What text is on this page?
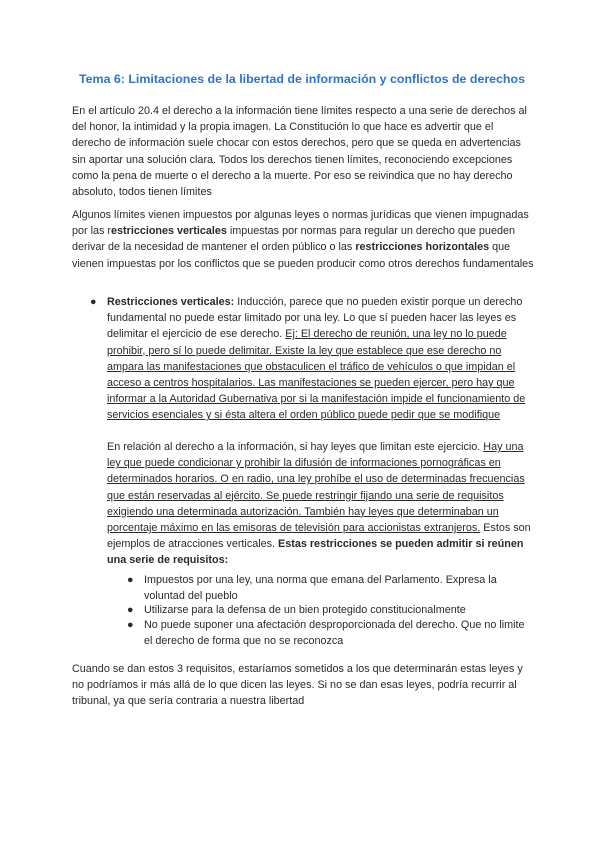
Tema 6: Limitaciones de la libertad de información y conflictos de derechos

En el artículo 20.4 el derecho a la información tiene límites respecto a una serie de derechos al del honor, la intimidad y la propia imagen. La Constitución lo que hace es advertir que el derecho de información suele chocar con estos derechos, pero que se queda en advertencias sin aportar una solución clara. Todos los derechos tienen límites, reconociendo excepciones como la pena de muerte o el derecho a la muerte. Por eso se reivindica que no hay derecho absoluto, todos tienen límites

Algunos límites vienen impuestos por algunas leyes o normas jurídicas que vienen impugnadas por las restricciones verticales impuestas por normas para regular un derecho que pueden derivar de la necesidad de mantener el orden público o las restricciones horizontales que vienen impuestas por los conflictos que se pueden producir como otros derechos fundamentales

● Restricciones verticales: Inducción, parece que no pueden existir porque un derecho fundamental no puede estar limitado por una ley. Lo que sí pueden hacer las leyes es delimitar el ejercicio de ese derecho. Ej: El derecho de reunión, una ley no lo puede prohibir, pero sí lo puede delimitar. Existe la ley que establece que ese derecho no ampara las manifestaciones que obstaculicen el tráfico de vehículos o que impidan el acceso a centros hospitalarios. Las manifestaciones se pueden ejercer, pero hay que informar a la Autoridad Gubernativa por si la manifestación impide el funcionamiento de servicios esenciales y si ésta altera el orden público puede pedir que se modifique

En relación al derecho a la información, si hay leyes que limitan este ejercicio. Hay una ley que puede condicionar y prohibir la difusión de informaciones pornográficas en determinados horarios. O en radio, una ley prohíbe el uso de determinadas frecuencias que están reservadas al ejército. Se puede restringir fijando una serie de requisitos exigiendo una determinada autorización. También hay leyes que determinaban un porcentaje máximo en las emisoras de televisión para accionistas extranjeros. Estos son ejemplos de atracciones verticales. Estas restricciones se pueden admitir si reúnen una serie de requisitos:

● Impuestos por una ley, una norma que emana del Parlamento. Expresa la voluntad del pueblo

● Utilizarse para la defensa de un bien protegido constitucionalmente

● No puede suponer una afectación desproporcionada del derecho. Que no limite el derecho de forma que no se reconozca

Cuando se dan estos 3 requisitos, estaríamos sometidos a los que determinarán estas leyes y no podríamos ir más allá de lo que dicen las leyes. Si no se dan esas leyes, podría recurrir al tribunal, ya que sería contraria a nuestra libertad
